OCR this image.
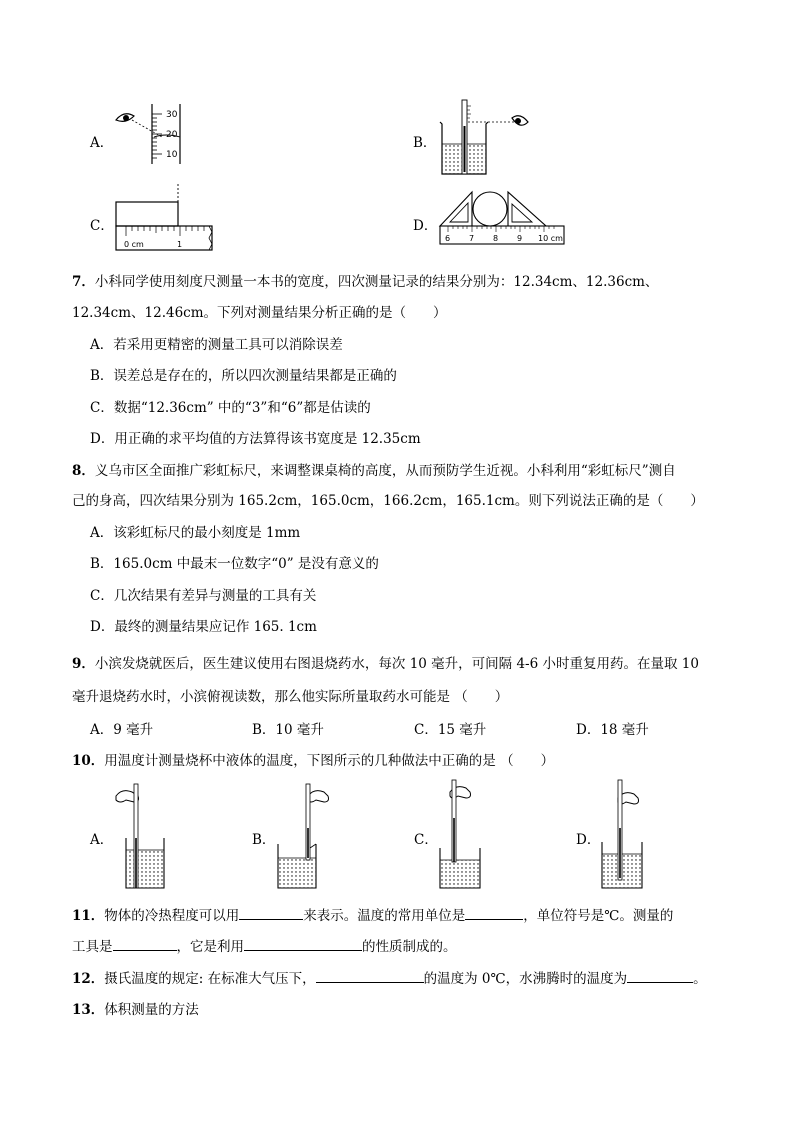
A．
30
20
10
B．
C．
0 cm	1
D．
6 7 8 9 10 cm
7．小科同学使用刻度尺测量一本书的宽度，四次测量记录的结果分别为：12.34cm、12.36cm、
12.34cm、12.46cm。下列对测量结果分析正确的是（　　）
A．若采用更精密的测量工具可以消除误差
B．误差总是存在的，所以四次测量结果都是正确的
C．数据“12.36cm” 中的“3”和“6”都是估读的
D．用正确的求平均值的方法算得该书宽度是 12.35cm
8．义乌市区全面推广彩虹标尺，来调整课桌椅的高度，从而预防学生近视。小科利用“彩虹标尺”测自
己的身高，四次结果分别为 165.2cm，165.0cm，166.2cm，165.1cm。则下列说法正确的是（　　）
A．该彩虹标尺的最小刻度是 1mm
B．165.0cm 中最末一位数字“0” 是没有意义的
C．几次结果有差异与测量的工具有关
D．最终的测量结果应记作 165. 1cm
9．小滨发烧就医后，医生建议使用右图退烧药水，每次 10 毫升，可间隔 4-6 小时重复用药。在量取 10
毫升退烧药水时，小滨俯视读数，那么他实际所量取药水可能是 （　　）
A．9 毫升	B．10 毫升	C．15 毫升	D．18 毫升
10．用温度计测量烧杯中液体的温度，下图所示的几种做法中正确的是 （　　）
A．	B．	C．	D．
11．物体的冷热程度可以用	来表示。温度的常用单位是	，单位符号是℃。测量的
工具是	，它是利用	的性质制成的。
12．摄氏温度的规定: 在标准大气压下，	的温度为 0℃，水沸腾时的温度为	。
13．体积测量的方法
